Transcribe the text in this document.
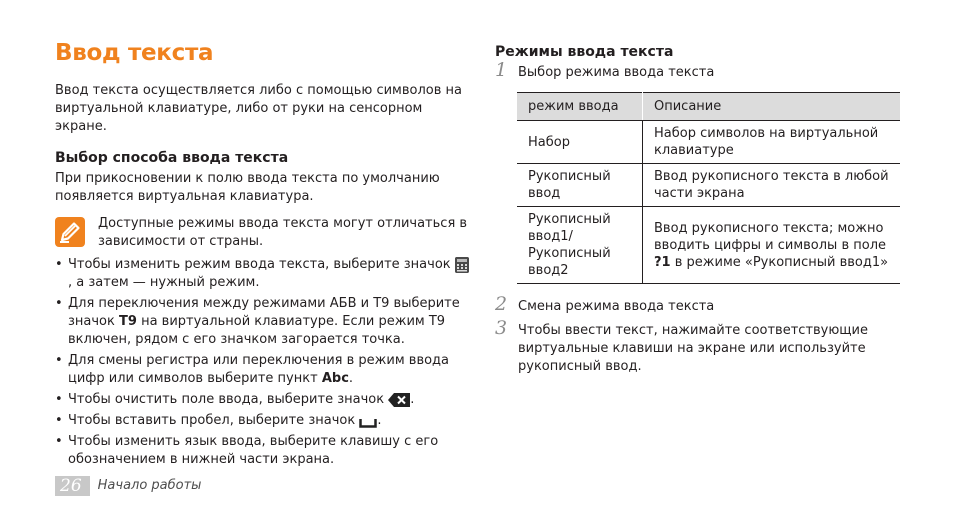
Ввод текста

Ввод текста осуществляется либо с помощью символов на виртуальной клавиатуре, либо от руки на сенсорном экране.

Выбор способа ввода текста

При прикосновении к полю ввода текста по умолчанию появляется виртуальная клавиатура.

Доступные режимы ввода текста могут отличаться в зависимости от страны.

• Чтобы изменить режим ввода текста, выберите значок , а затем — нужный режим.
• Для переключения между режимами АБВ и T9 выберите значок T9 на виртуальной клавиатуре. Если режим T9 включен, рядом с его значком загорается точка.
• Для смены регистра или переключения в режим ввода цифр или символов выберите пункт Abc.
• Чтобы очистить поле ввода, выберите значок .
• Чтобы вставить пробел, выберите значок .
• Чтобы изменить язык ввода, выберите клавишу с его обозначением в нижней части экрана.
Режимы ввода текста
1 Выбор режима ввода текста
режим ввода	Описание
Набор	Набор символов на виртуальной клавиатуре
Рукописный ввод	Ввод рукописного текста в любой части экрана
Рукописный ввод1/ Рукописный ввод2	Ввод рукописного текста; можно вводить цифры и символы в поле ?1 в режиме «Рукописный ввод1»
2 Смена режима ввода текста
3 Чтобы ввести текст, нажимайте соответствующие виртуальные клавиши на экране или используйте рукописный ввод.
26 Начало работы
